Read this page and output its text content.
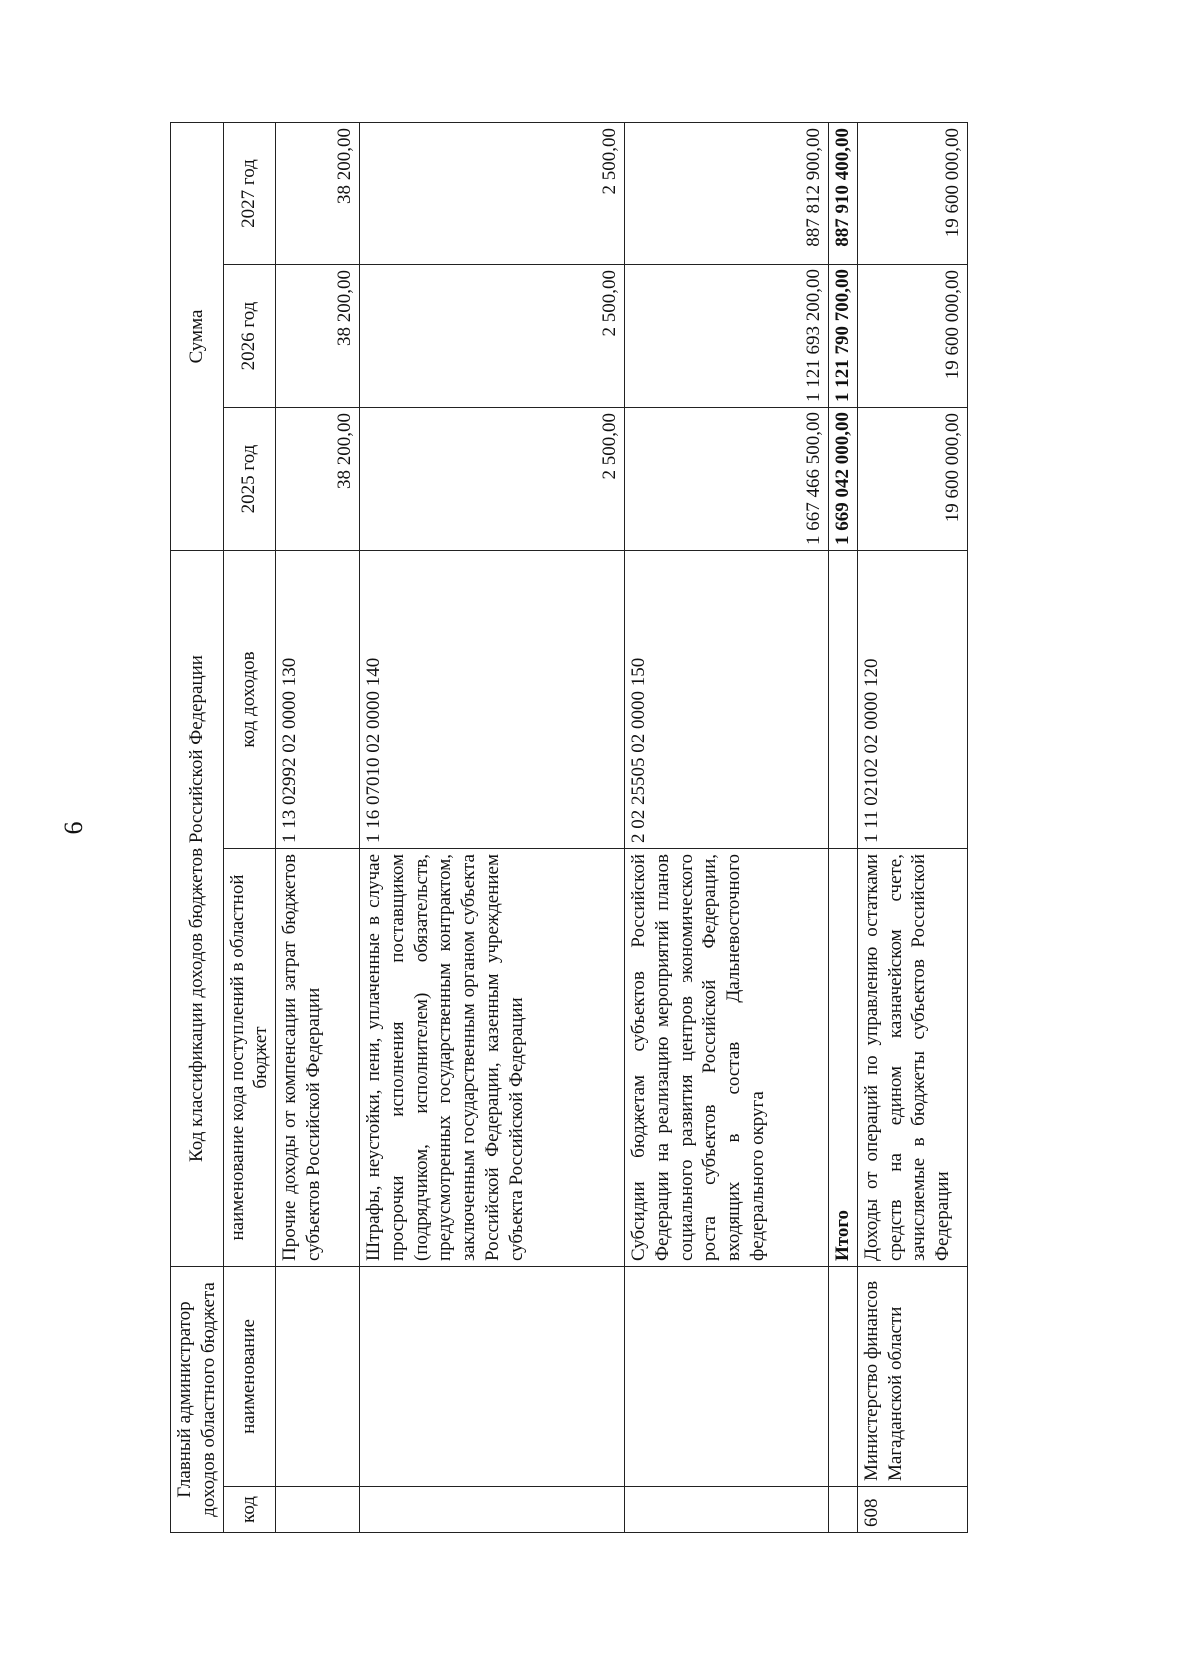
6
Главный администратор доходов областного бюджета		Код классификации доходов бюджетов Российской Федерации		Сумма		
код	наименование	наименование кода поступлений в областной бюджет	код доходов	2025 год	2026 год	2027 год
		Прочие доходы от компенсации затрат бюджетов субъектов Российской Федерации	1 13 02992 02 0000 130	38 200,00	38 200,00	38 200,00
		Штрафы, неустойки, пени, уплаченные в случае просрочки исполнения поставщиком (подрядчиком, исполнителем) обязательств, предусмотренных государственным контрактом, заключенным государственным органом субъекта Российской Федерации, казенным учреждением субъекта Российской Федерации	1 16 07010 02 0000 140	2 500,00	2 500,00	2 500,00
		Субсидии бюджетам субъектов Российской Федерации на реализацию мероприятий планов социального развития центров экономического роста субъектов Российской Федерации, входящих в состав Дальневосточного федерального округа	2 02 25505 02 0000 150	1 667 466 500,00	1 121 693 200,00	887 812 900,00
		Итого		1 669 042 000,00	1 121 790 700,00	887 910 400,00
608	Министерство финансов Магаданской области	Доходы от операций по управлению остатками средств на едином казначейском счете, зачисляемые в бюджеты субъектов Российской Федерации	1 11 02102 02 0000 120	19 600 000,00	19 600 000,00	19 600 000,00
